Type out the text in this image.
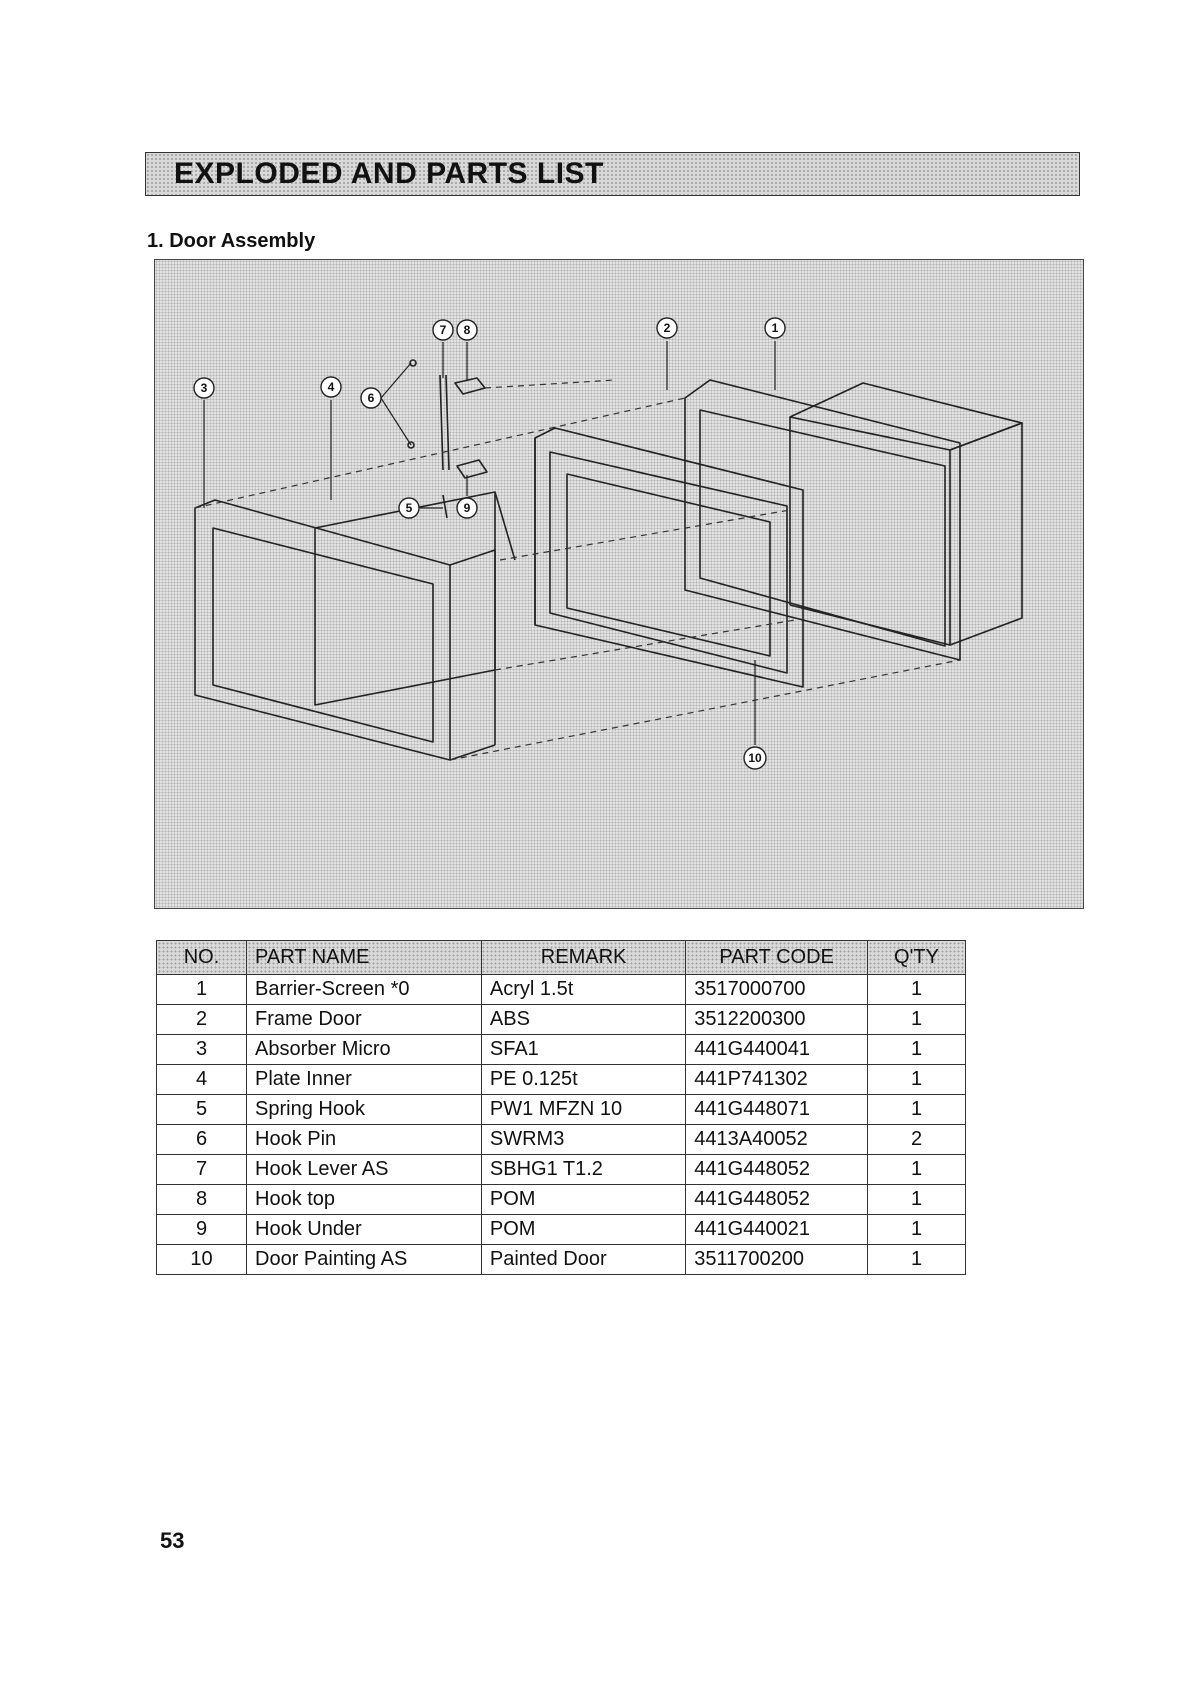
EXPLODED AND PARTS LIST
1. Door Assembly
1
2
3	4
5
6
7 8
9
10
NO.	PART NAME	REMARK	PART CODE	Q'TY
1	Barrier-Screen *0	Acryl 1.5t	3517000700	1
2	Frame Door	ABS	3512200300	1
3	Absorber Micro	SFA1	441G440041	1
4	Plate Inner	PE 0.125t	441P741302	1
5	Spring Hook	PW1 MFZN 10	441G448071	1
6	Hook Pin	SWRM3	4413A40052	2
7	Hook Lever AS	SBHG1 T1.2	441G448052	1
8	Hook top	POM	441G448052	1
9	Hook Under	POM	441G440021	1
10	Door Painting AS	Painted Door	3511700200	1
53
